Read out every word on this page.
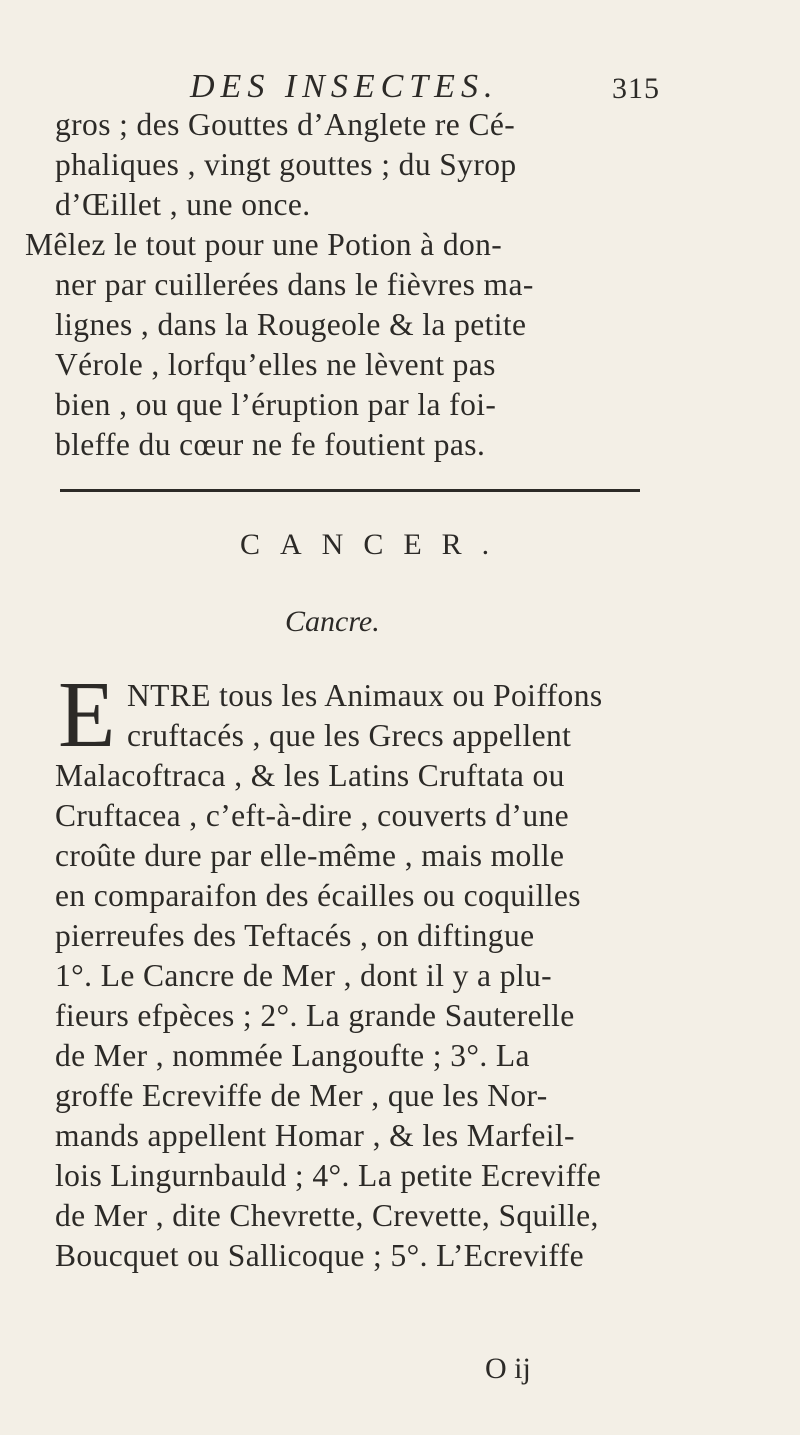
DES INSECTES.	315
gros ; des Gouttes d’Anglete re Cé-
phaliques , vingt gouttes ; du Syrop
d’Œillet , une once.
Mêlez le tout pour une Potion à don-
ner par cuillerées dans le fièvres ma-
lignes , dans la Rougeole & la petite
Vérole , lorfqu’elles ne lèvent pas
bien , ou que l’éruption par la foi-
bleffe du cœur ne fe foutient pas.
CANCER.
Cancre.
E NTRE tous les Animaux ou Poiffons
cruftacés , que les Grecs appellent
Malacoftraca , & les Latins Cruftata ou
Cruftacea , c’eft-à-dire , couverts d’une
croûte dure par elle-même , mais molle
en comparaifon des écailles ou coquilles
pierreufes des Teftacés , on diftingue
1°. Le Cancre de Mer , dont il y a plu-
fieurs efpèces ; 2°. La grande Sauterelle
de Mer , nommée Langoufte ; 3°. La
groffe Ecreviffe de Mer , que les Nor-
mands appellent Homar , & les Marfeil-
lois Lingurnbauld ; 4°. La petite Ecreviffe
de Mer , dite Chevrette, Crevette, Squille,
Boucquet ou Sallicoque ; 5°. L’Ecreviffe
O ij
